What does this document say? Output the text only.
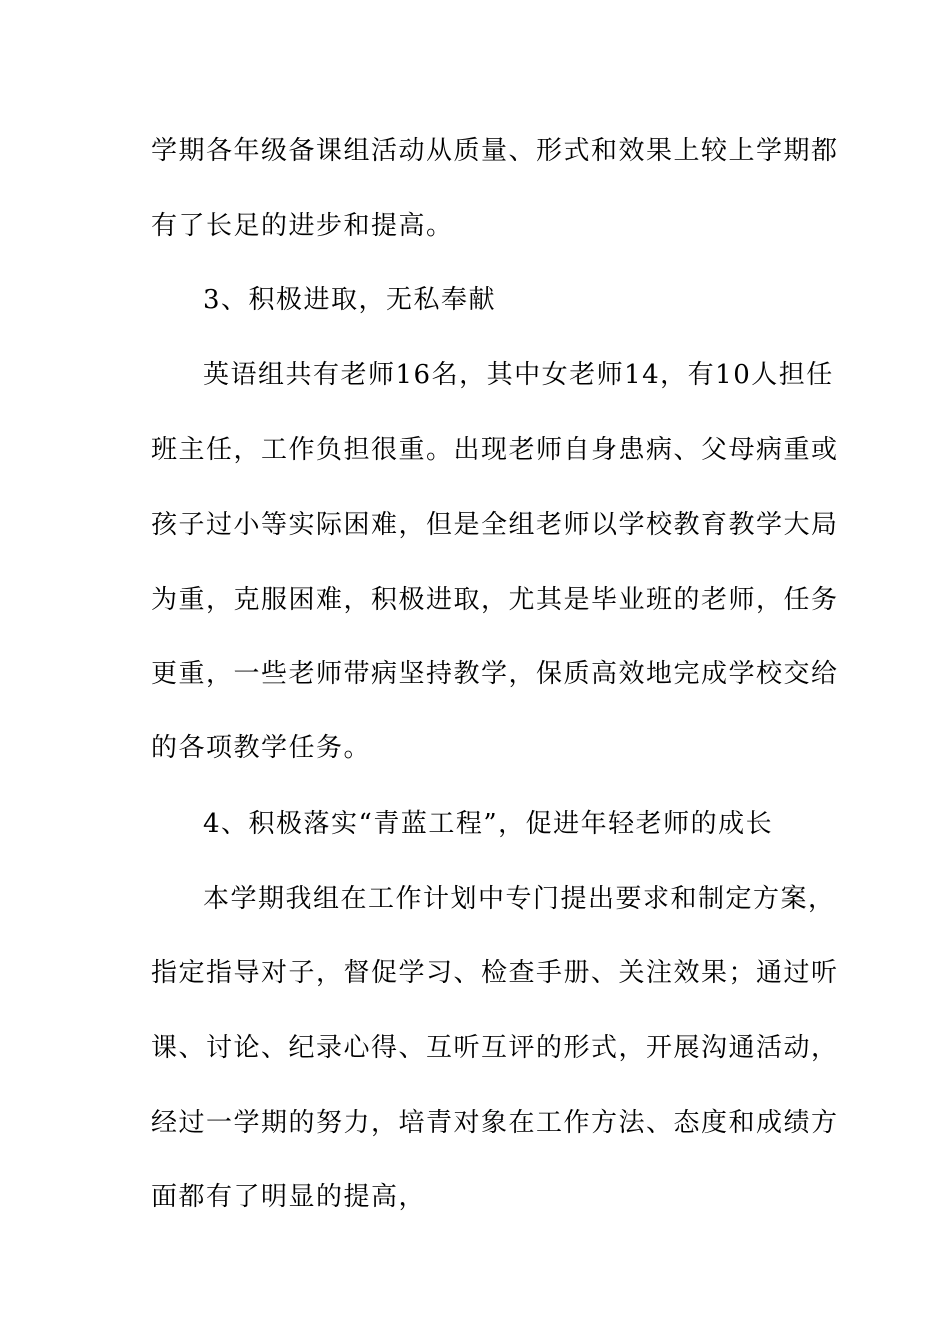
学期各年级备课组活动从质量、形式和效果上较上学期都
有了长足的进步和提高。
3、积极进取，无私奉献
英语组共有老师16名，其中女老师14，有10人担任
班主任，工作负担很重。出现老师自身患病、父母病重或
孩子过小等实际困难，但是全组老师以学校教育教学大局
为重，克服困难，积极进取，尤其是毕业班的老师，任务
更重，一些老师带病坚持教学，保质高效地完成学校交给
的各项教学任务。
4、积极落实“青蓝工程”，促进年轻老师的成长
本学期我组在工作计划中专门提出要求和制定方案，
指定指导对子，督促学习、检查手册、关注效果；通过听
课、讨论、纪录心得、互听互评的形式，开展沟通活动，
经过一学期的努力，培青对象在工作方法、态度和成绩方
面都有了明显的提高，
